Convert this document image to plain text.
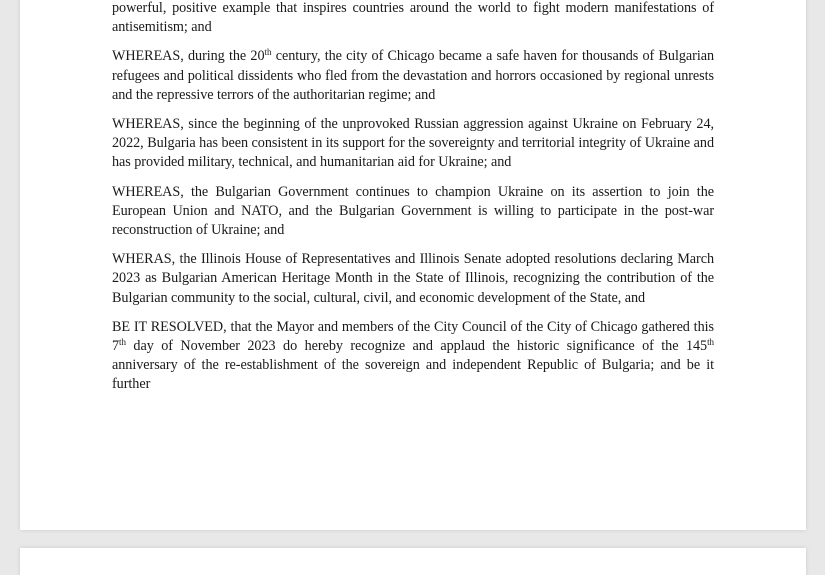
powerful, positive example that inspires countries around the world to fight modern manifestations of antisemitism; and

WHEREAS, during the 20th century, the city of Chicago became a safe haven for thousands of Bulgarian refugees and political dissidents who fled from the devastation and horrors occasioned by regional unrests and the repressive terrors of the authoritarian regime; and

WHEREAS, since the beginning of the unprovoked Russian aggression against Ukraine on February 24, 2022, Bulgaria has been consistent in its support for the sovereignty and territorial integrity of Ukraine and has provided military, technical, and humanitarian aid for Ukraine; and

WHEREAS, the Bulgarian Government continues to champion Ukraine on its assertion to join the European Union and NATO, and the Bulgarian Government is willing to participate in the post-war reconstruction of Ukraine; and

WHERAS, the Illinois House of Representatives and Illinois Senate adopted resolutions declaring March 2023 as Bulgarian American Heritage Month in the State of Illinois, recognizing the contribution of the Bulgarian community to the social, cultural, civil, and economic development of the State, and

BE IT RESOLVED, that the Mayor and members of the City Council of the City of Chicago gathered this 7th day of November 2023 do hereby recognize and applaud the historic significance of the 145th anniversary of the re-establishment of the sovereign and independent Republic of Bulgaria; and be it further
